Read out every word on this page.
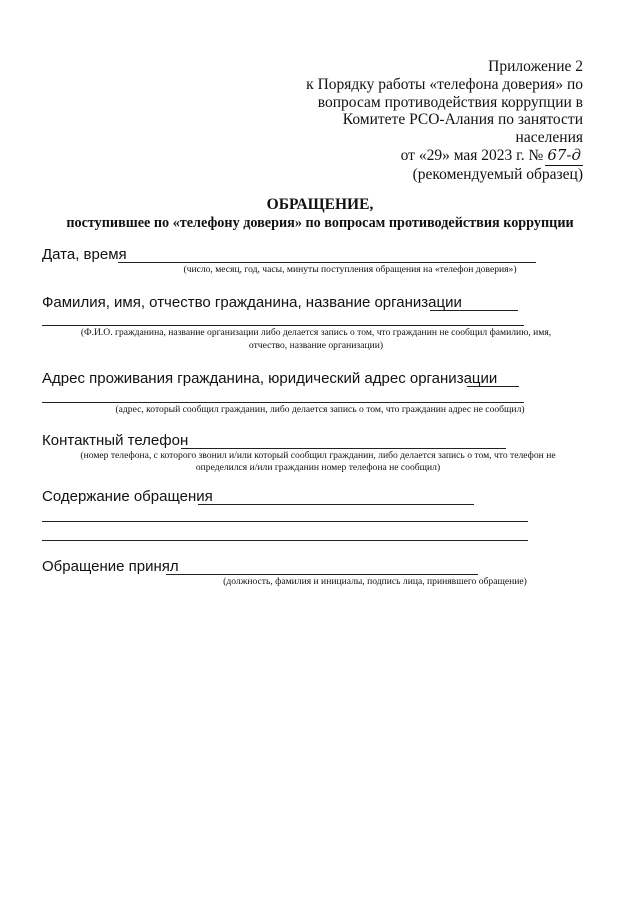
Приложение 2
к Порядку работы «телефона доверия» по
вопросам противодействия коррупции в
Комитете РСО-Алания по занятости
населения
от «29» мая 2023 г. № 67-д
(рекомендуемый образец)
ОБРАЩЕНИЕ,
поступившее по «телефону доверия» по вопросам противодействия коррупции
Дата, время
(число, месяц, год, часы, минуты поступления обращения на «телефон доверия»)
Фамилия, имя, отчество гражданина, название организации
(Ф.И.О. гражданина, название организации либо делается запись о том, что гражданин не сообщил фамилию, имя,
отчество, название организации)
Адрес проживания гражданина, юридический адрес организации
(адрес, который сообщил гражданин, либо делается запись о том, что гражданин адрес не сообщил)
Контактный телефон
(номер телефона, с которого звонил и/или который сообщил гражданин, либо делается запись о том, что телефон не
определился и/или гражданин номер телефона не сообщил)
Содержание обращения
Обращение принял
(должность, фамилия и инициалы, подпись лица, принявшего обращение)
